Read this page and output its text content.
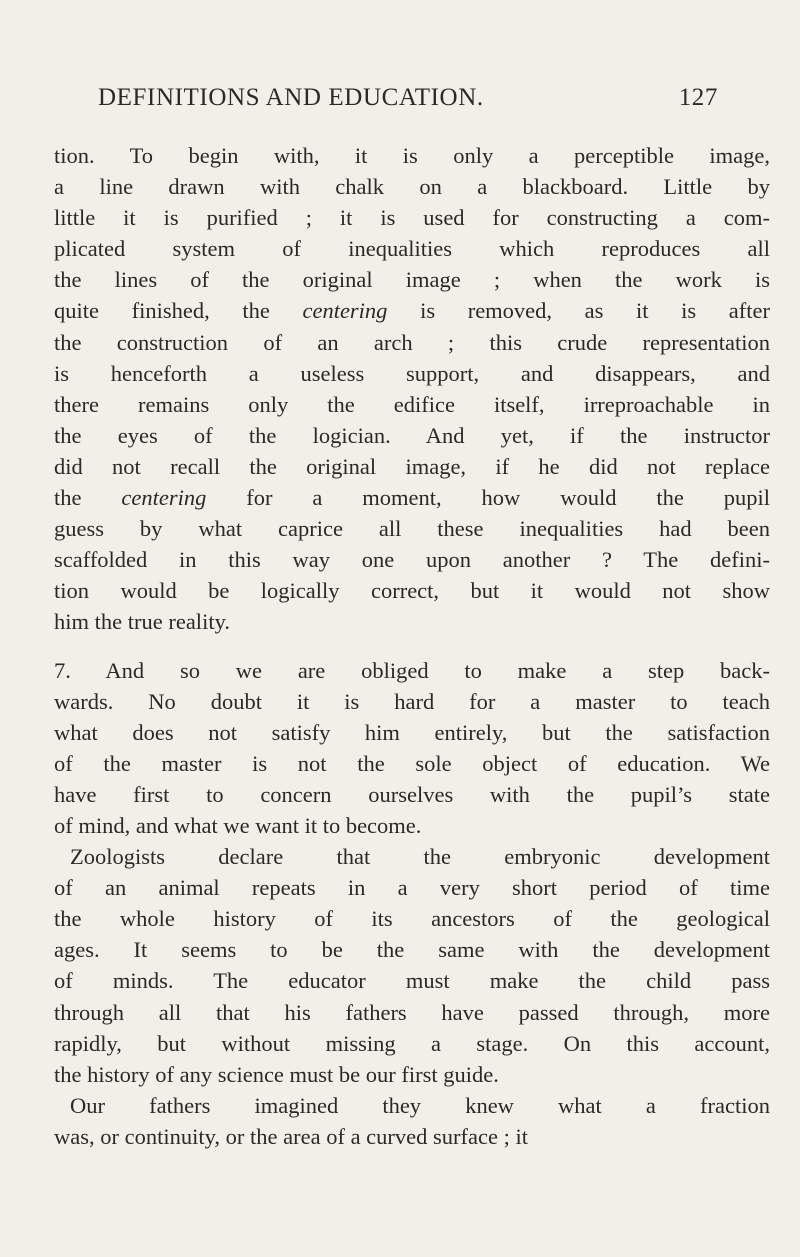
DEFINITIONS AND EDUCATION.	127
tion. To begin with, it is only a perceptible image,
a line drawn with chalk on a blackboard. Little by
little it is purified ; it is used for constructing a com-
plicated system of inequalities which reproduces all
the lines of the original image ; when the work is
quite finished, the centering is removed, as it is after
the construction of an arch ; this crude representation
is henceforth a useless support, and disappears, and
there remains only the edifice itself, irreproachable in
the eyes of the logician. And yet, if the instructor
did not recall the original image, if he did not replace
the centering for a moment, how would the pupil
guess by what caprice all these inequalities had been
scaffolded in this way one upon another ? The defini-
tion would be logically correct, but it would not show
him the true reality.
7. And so we are obliged to make a step back-
wards. No doubt it is hard for a master to teach
what does not satisfy him entirely, but the satisfaction
of the master is not the sole object of education. We
have first to concern ourselves with the pupil’s state
of mind, and what we want it to become.
Zoologists declare that the embryonic development
of an animal repeats in a very short period of time
the whole history of its ancestors of the geological
ages. It seems to be the same with the development
of minds. The educator must make the child pass
through all that his fathers have passed through, more
rapidly, but without missing a stage. On this account,
the history of any science must be our first guide.
Our fathers imagined they knew what a fraction
was, or continuity, or the area of a curved surface ; it
